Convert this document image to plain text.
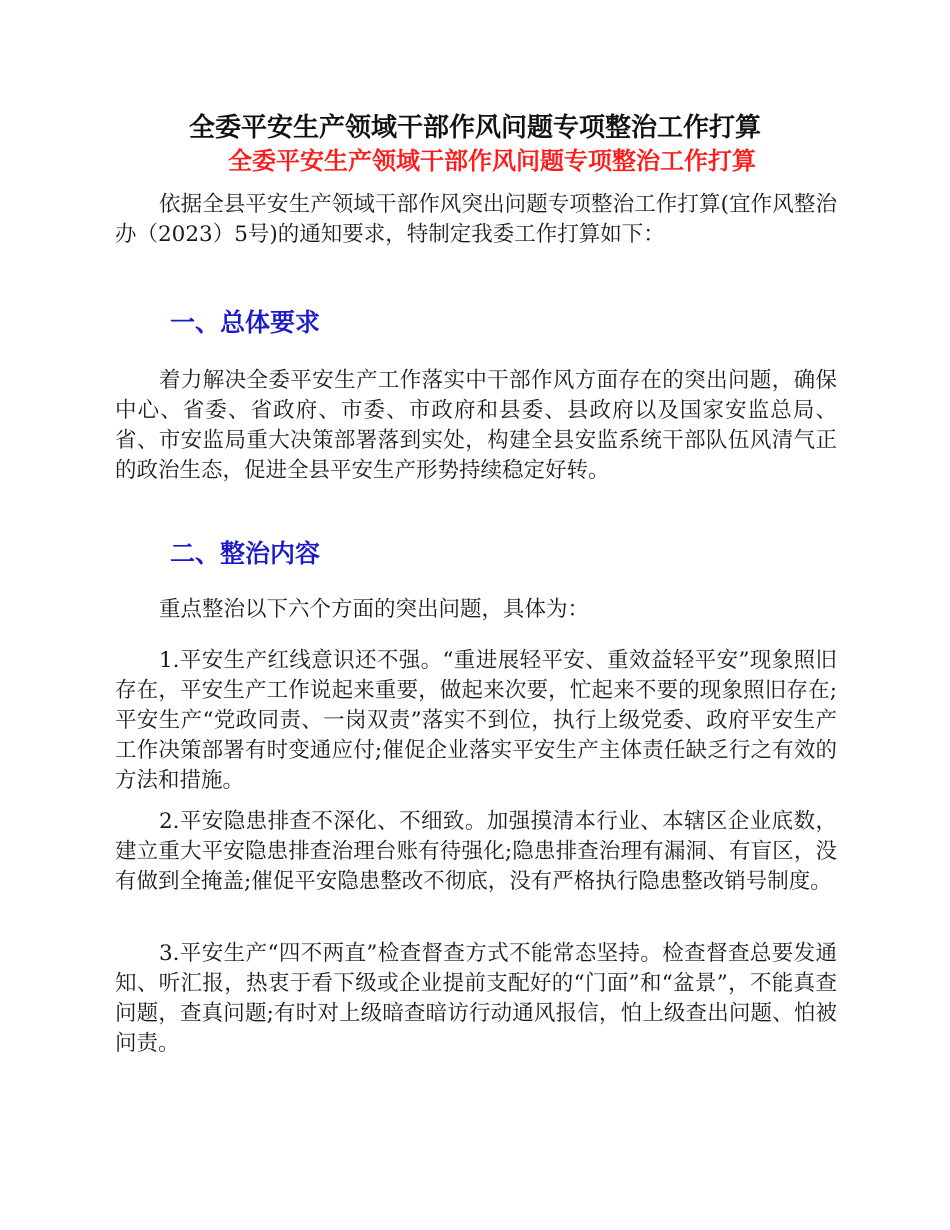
全委平安生产领域干部作风问题专项整治工作打算
全委平安生产领域干部作风问题专项整治工作打算

依据全县平安生产领域干部作风突出问题专项整治工作打算(宜作风整治办（2023）5号)的通知要求，特制定我委工作打算如下：

一、总体要求

着力解决全委平安生产工作落实中干部作风方面存在的突出问题，确保中心、省委、省政府、市委、市政府和县委、县政府以及国家安监总局、省、市安监局重大决策部署落到实处，构建全县安监系统干部队伍风清气正的政治生态，促进全县平安生产形势持续稳定好转。

二、整治内容

重点整治以下六个方面的突出问题，具体为：

1.平安生产红线意识还不强。“重进展轻平安、重效益轻平安”现象照旧存在，平安生产工作说起来重要，做起来次要，忙起来不要的现象照旧存在;平安生产“党政同责、一岗双责”落实不到位，执行上级党委、政府平安生产工作决策部署有时变通应付;催促企业落实平安生产主体责任缺乏行之有效的方法和措施。

2.平安隐患排查不深化、不细致。加强摸清本行业、本辖区企业底数，建立重大平安隐患排查治理台账有待强化;隐患排查治理有漏洞、有盲区，没有做到全掩盖;催促平安隐患整改不彻底，没有严格执行隐患整改销号制度。

3.平安生产“四不两直”检查督查方式不能常态坚持。检查督查总要发通知、听汇报，热衷于看下级或企业提前支配好的“门面”和“盆景”，不能真查问题，查真问题;有时对上级暗查暗访行动通风报信，怕上级查出问题、怕被问责。
